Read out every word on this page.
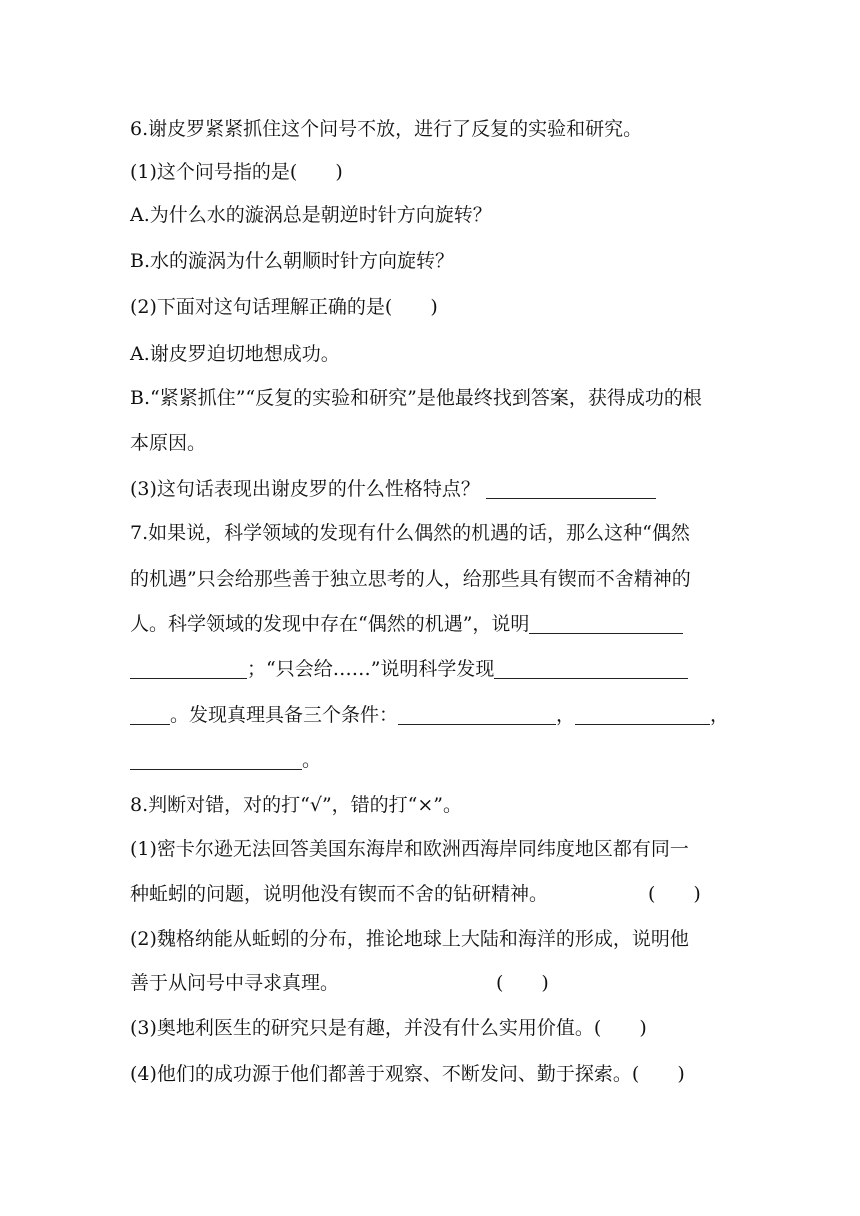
6.谢皮罗紧紧抓住这个问号不放，进行了反复的实验和研究。
(1)这个问号指的是(　　)
A.为什么水的漩涡总是朝逆时针方向旋转？
B.水的漩涡为什么朝顺时针方向旋转？
(2)下面对这句话理解正确的是(　　)
A.谢皮罗迫切地想成功。
B.“紧紧抓住”“反复的实验和研究”是他最终找到答案，获得成功的根
本原因。
(3)这句话表现出谢皮罗的什么性格特点？
7.如果说，科学领域的发现有什么偶然的机遇的话，那么这种“偶然
的机遇”只会给那些善于独立思考的人，给那些具有锲而不舍精神的
人。科学领域的发现中存在“偶然的机遇”，说明
；“只会给……”说明科学发现
。发现真理具备三个条件：	，	，
。
8.判断对错，对的打“√”，错的打“×”。
(1)密卡尔逊无法回答美国东海岸和欧洲西海岸同纬度地区都有同一
种蚯蚓的问题，说明他没有锲而不舍的钻研精神。	(　　)
(2)魏格纳能从蚯蚓的分布，推论地球上大陆和海洋的形成，说明他
善于从问号中寻求真理。	(　　)
(3)奥地利医生的研究只是有趣，并没有什么实用价值。(　　)
(4)他们的成功源于他们都善于观察、不断发问、勤于探索。(　　)
